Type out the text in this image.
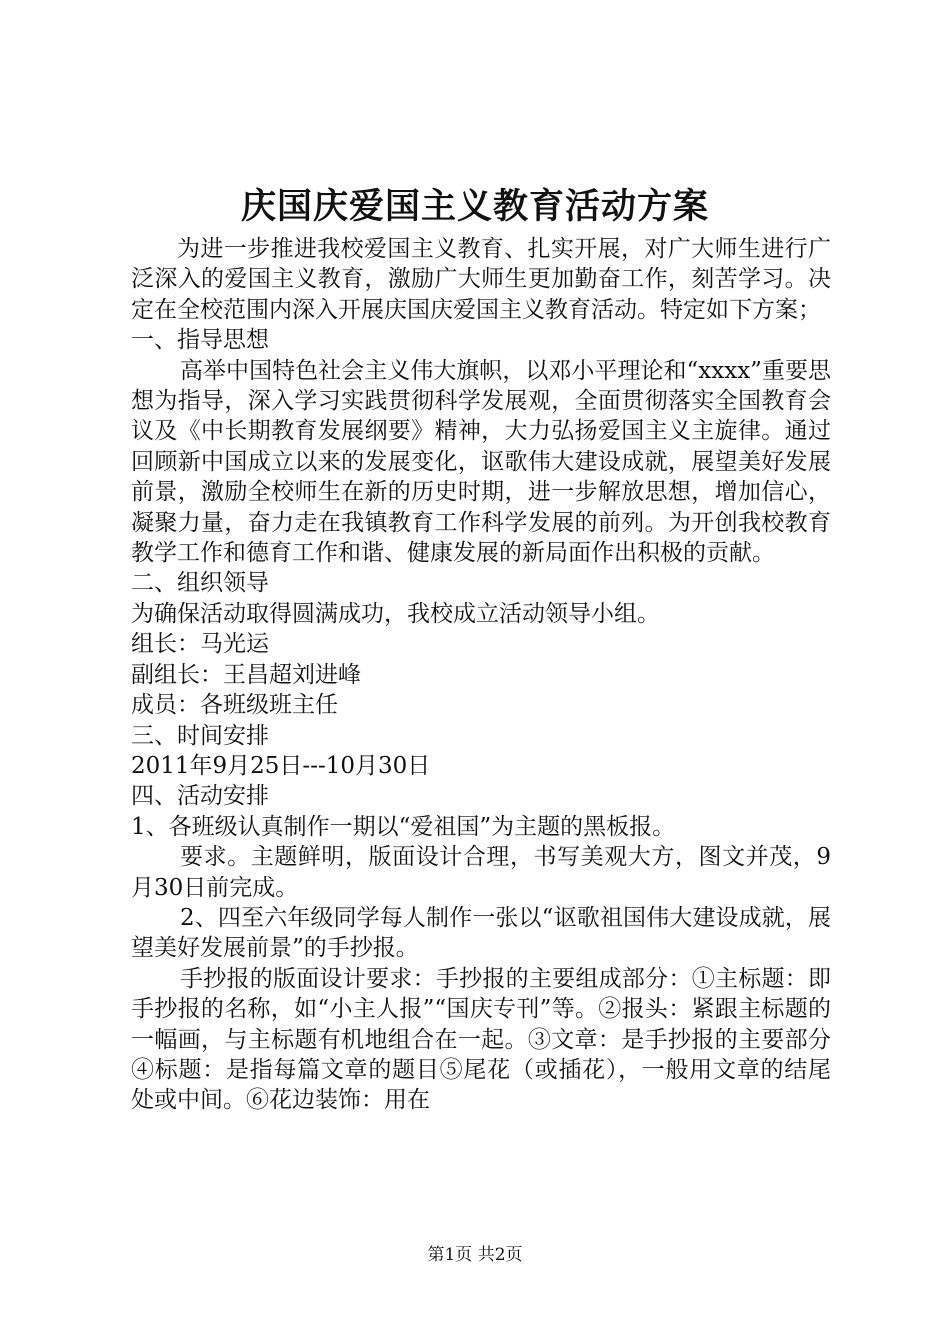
庆国庆爱国主义教育活动方案

为进一步推进我校爱国主义教育、扎实开展，对广大师生进行广泛深入的爱国主义教育，激励广大师生更加勤奋工作，刻苦学习。决定在全校范围内深入开展庆国庆爱国主义教育活动。特定如下方案；

一、指导思想

高举中国特色社会主义伟大旗帜，以邓小平理论和“xxxx”重要思想为指导，深入学习实践贯彻科学发展观，全面贯彻落实全国教育会议及《中长期教育发展纲要》精神，大力弘扬爱国主义主旋律。通过回顾新中国成立以来的发展变化，讴歌伟大建设成就，展望美好发展前景，激励全校师生在新的历史时期，进一步解放思想，增加信心，凝聚力量，奋力走在我镇教育工作科学发展的前列。为开创我校教育教学工作和德育工作和谐、健康发展的新局面作出积极的贡献。

二、组织领导

为确保活动取得圆满成功，我校成立活动领导小组。

组长：马光运

副组长：王昌超刘进峰

成员：各班级班主任

三、时间安排

2011年9月25日---10月30日

四、活动安排

1、各班级认真制作一期以“爱祖国”为主题的黑板报。

要求。主题鲜明，版面设计合理，书写美观大方，图文并茂，9月30日前完成。

2、四至六年级同学每人制作一张以“讴歌祖国伟大建设成就，展望美好发展前景”的手抄报。

手抄报的版面设计要求：手抄报的主要组成部分：①主标题：即手抄报的名称，如“小主人报”“国庆专刊”等。②报头：紧跟主标题的一幅画，与主标题有机地组合在一起。③文章：是手抄报的主要部分④标题：是指每篇文章的题目⑤尾花（或插花），一般用文章的结尾处或中间。⑥花边装饰：用在

第1页 共2页
